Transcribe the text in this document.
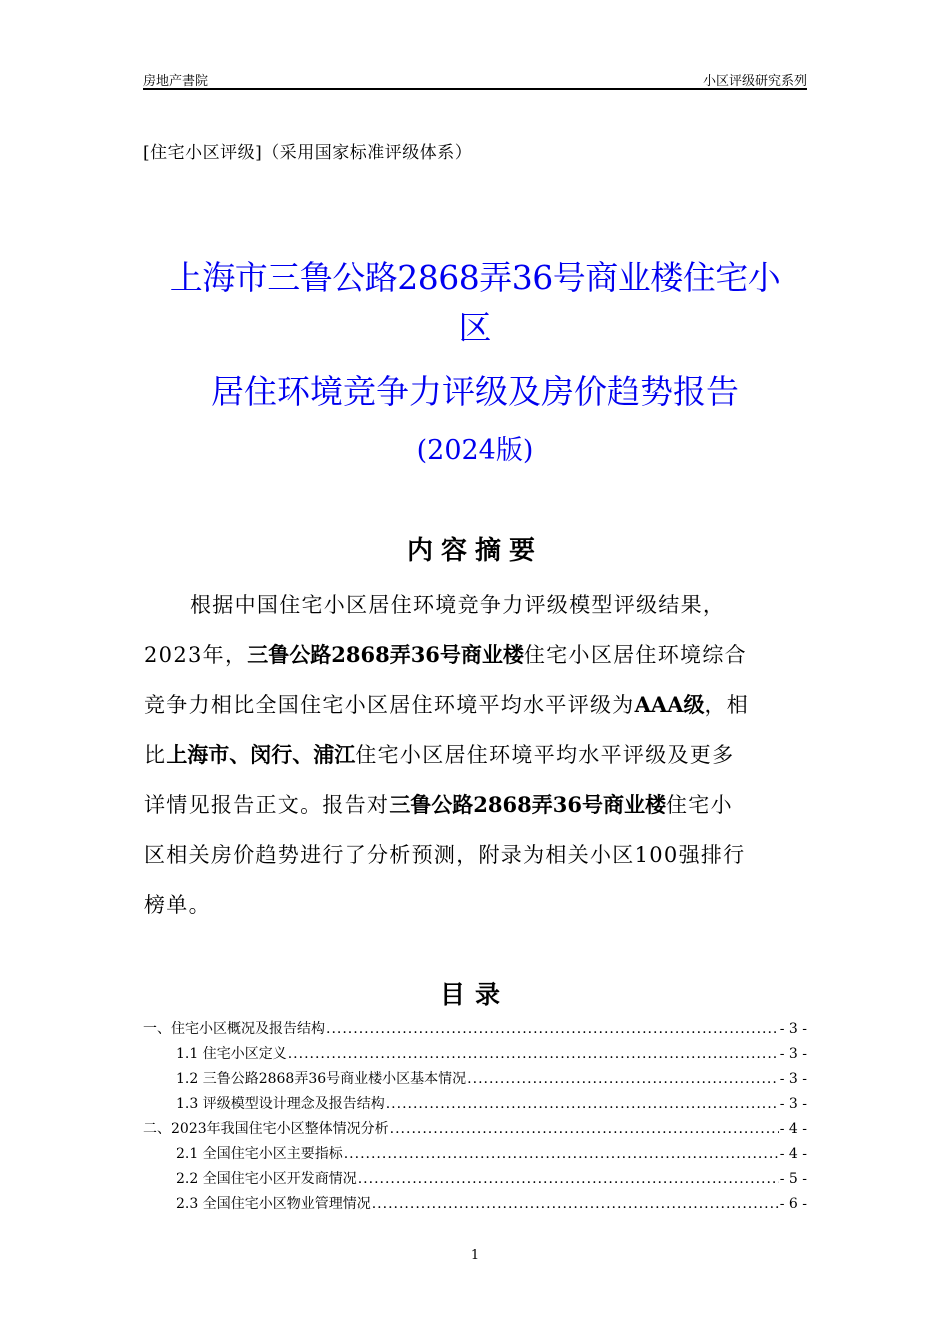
房地产書院	小区评级研究系列
[住宅小区评级]（采用国家标准评级体系）
上海市三鲁公路2868弄36号商业楼住宅小
区
居住环境竞争力评级及房价趋势报告
(2024版)
内容摘要
根据中国住宅小区居住环境竞争力评级模型评级结果，
2023年，三鲁公路2868弄36号商业楼住宅小区居住环境综合
竞争力相比全国住宅小区居住环境平均水平评级为AAA级，相
比上海市、闵行、浦江住宅小区居住环境平均水平评级及更多
详情见报告正文。报告对三鲁公路2868弄36号商业楼住宅小
区相关房价趋势进行了分析预测，附录为相关小区100强排行
榜单。
目录
一、住宅小区概况及报告结构 .....	- 3 -
1.1 住宅小区定义 .....	- 3 -
1.2 三鲁公路2868弄36号商业楼小区基本情况 .....	- 3 -
1.3 评级模型设计理念及报告结构 .....	- 3 -
二、2023年我国住宅小区整体情况分析 .....	- 4 -
2.1 全国住宅小区主要指标 .....	- 4 -
2.2 全国住宅小区开发商情况 .....	- 5 -
2.3 全国住宅小区物业管理情况 .....	- 6 -
1
